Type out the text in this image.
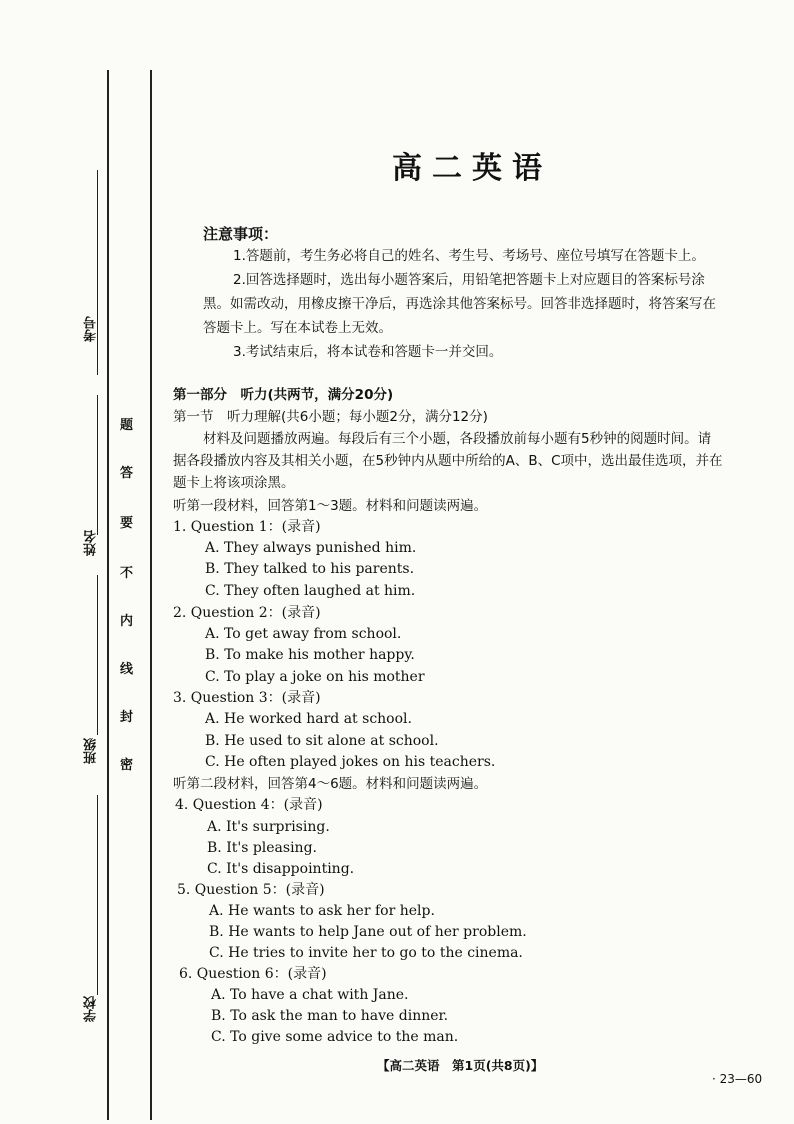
考号
姓名
班级
学校
题
答
要
不
内
线
封
密
高二英语
注意事项：
1.答题前，考生务必将自己的姓名、考生号、考场号、座位号填写在答题卡上。
2.回答选择题时，选出每小题答案后，用铅笔把答题卡上对应题目的答案标号涂
黑。如需改动，用橡皮擦干净后，再选涂其他答案标号。回答非选择题时，将答案写在
答题卡上。写在本试卷上无效。
3.考试结束后，将本试卷和答题卡一并交回。
第一部分　听力(共两节，满分20分)
第一节　听力理解(共6小题；每小题2分，满分12分)
材料及问题播放两遍。每段后有三个小题，各段播放前每小题有5秒钟的阅题时间。请
据各段播放内容及其相关小题，在5秒钟内从题中所给的A、B、C项中，选出最佳选项，并在
题卡上将该项涂黑。
听第一段材料，回答第1～3题。材料和问题读两遍。
1. Question 1：(录音)
A. They always punished him.
B. They talked to his parents.
C. They often laughed at him.
2. Question 2：(录音)
A. To get away from school.
B. To make his mother happy.
C. To play a joke on his mother
3. Question 3：(录音)
A. He worked hard at school.
B. He used to sit alone at school.
C. He often played jokes on his teachers.
听第二段材料，回答第4～6题。材料和问题读两遍。
4. Question 4：(录音)
A. It's surprising.
B. It's pleasing.
C. It's disappointing.
5. Question 5：(录音)
A. He wants to ask her for help.
B. He wants to help Jane out of her problem.
C. He tries to invite her to go to the cinema.
6. Question 6：(录音)
A. To have a chat with Jane.
B. To ask the man to have dinner.
C. To give some advice to the man.
【高二英语　第1页(共8页)】
· 23—60
